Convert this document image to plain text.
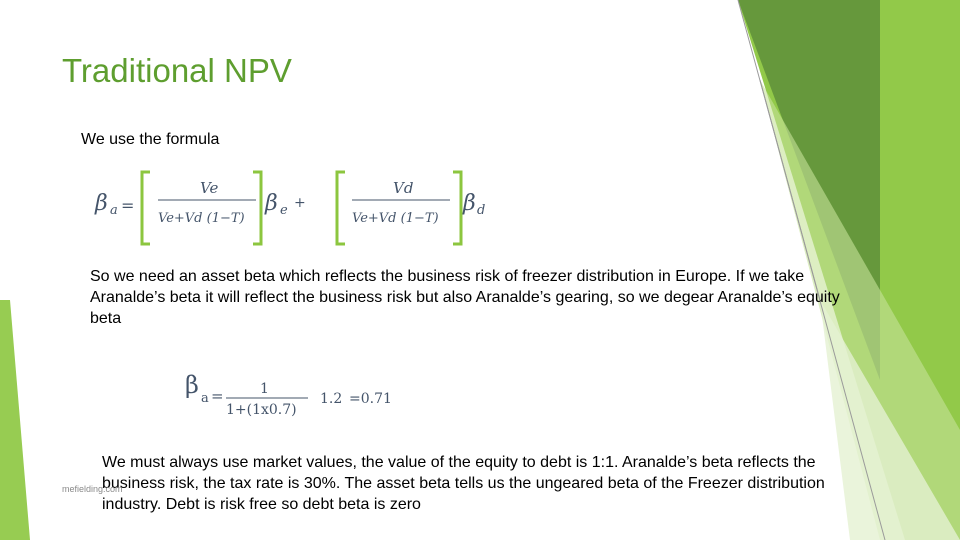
Traditional NPV
We use the formula
β a =
Ve
Ve+Vd (1−T)
β e +
Vd
Ve+Vd (1−T)
β d
So we need an asset beta which reflects the business risk of freezer distribution in Europe. If we take Aranalde’s beta it will reflect the business risk but also Aranalde’s gearing, so we degear Aranalde’s equity beta
β a =	1
1+(1x0.7)
1.2 =0.71
We must always use market values, the value of the equity to debt is 1:1. Aranalde’s beta reflects the business risk, the tax rate is 30%. The asset beta tells us the ungeared beta of the Freezer distribution industry. Debt is risk free so debt beta is zero
mefielding.com
